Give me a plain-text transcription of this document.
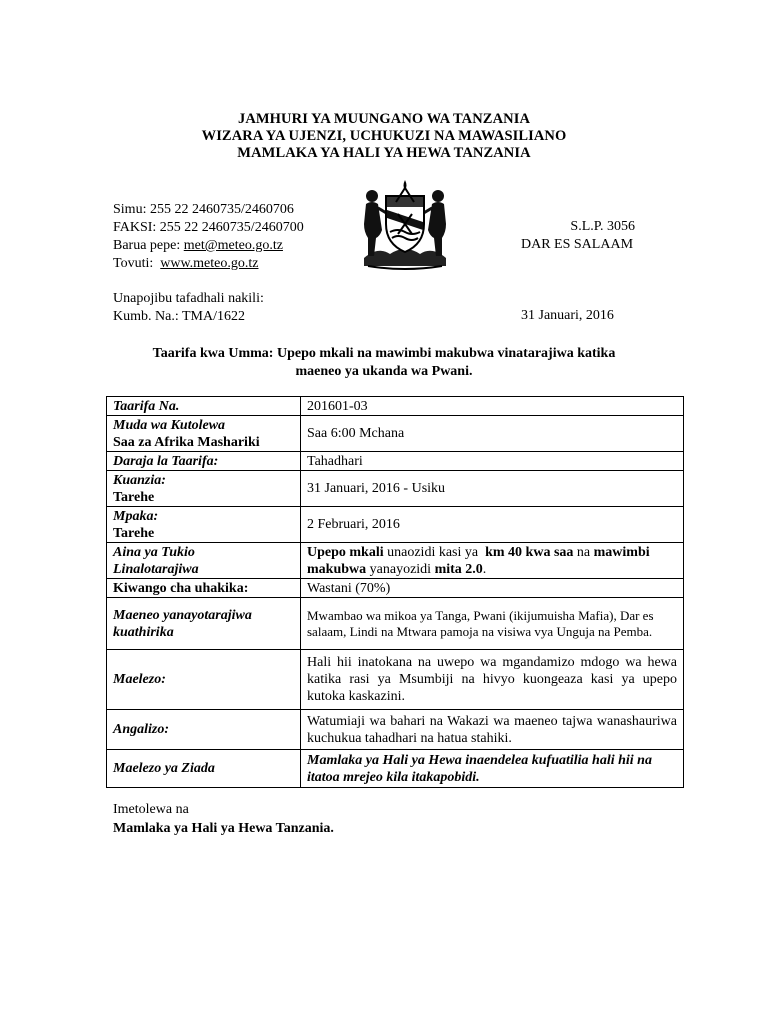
JAMHURI YA MUUNGANO WA TANZANIA
WIZARA YA UJENZI, UCHUKUZI NA MAWASILIANO
MAMLAKA YA HALI YA HEWA TANZANIA
Simu: 255 22 2460735/2460706
FAKSI: 255 22 2460735/2460700
Barua pepe: met@meteo.go.tz
Tovuti:  www.meteo.go.tz
S.L.P. 3056
DAR ES SALAAM
Unapojibu tafadhali nakili:
Kumb. Na.: TMA/1622	31 Januari, 2016
Taarifa kwa Umma: Upepo mkali na mawimbi makubwa vinatarajiwa katika
maeneo ya ukanda wa Pwani.
Taarifa Na.	201601-03
Muda wa Kutolewa
Saa za Afrika Mashariki	Saa 6:00 Mchana
Daraja la Taarifa:	Tahadhari
Kuanzia:
Tarehe	31 Januari, 2016 - Usiku
Mpaka:
Tarehe	2 Februari, 2016
Aina ya Tukio
Linalotarajiwa	Upepo mkali unaozidi kasi ya  km 40 kwa saa na mawimbi makubwa yanayozidi mita 2.0.
Kiwango cha uhakika:	Wastani (70%)
Maeneo yanayotarajiwa kuathirika	Mwambao wa mikoa ya Tanga, Pwani (ikijumuisha Mafia), Dar es salaam, Lindi na Mtwara pamoja na visiwa vya Unguja na Pemba.
Maelezo:	Hali hii inatokana na uwepo wa mgandamizo mdogo wa hewa katika rasi ya Msumbiji na hivyo kuongeaza kasi ya upepo kutoka kaskazini.
Angalizo:	Watumiaji wa bahari na Wakazi wa maeneo tajwa wanashauriwa kuchukua tahadhari na hatua stahiki.
Maelezo ya Ziada	Mamlaka ya Hali ya Hewa inaendelea kufuatilia hali hii na itatoa mrejeo kila itakapobidi.
Imetolewa na
Mamlaka ya Hali ya Hewa Tanzania.
